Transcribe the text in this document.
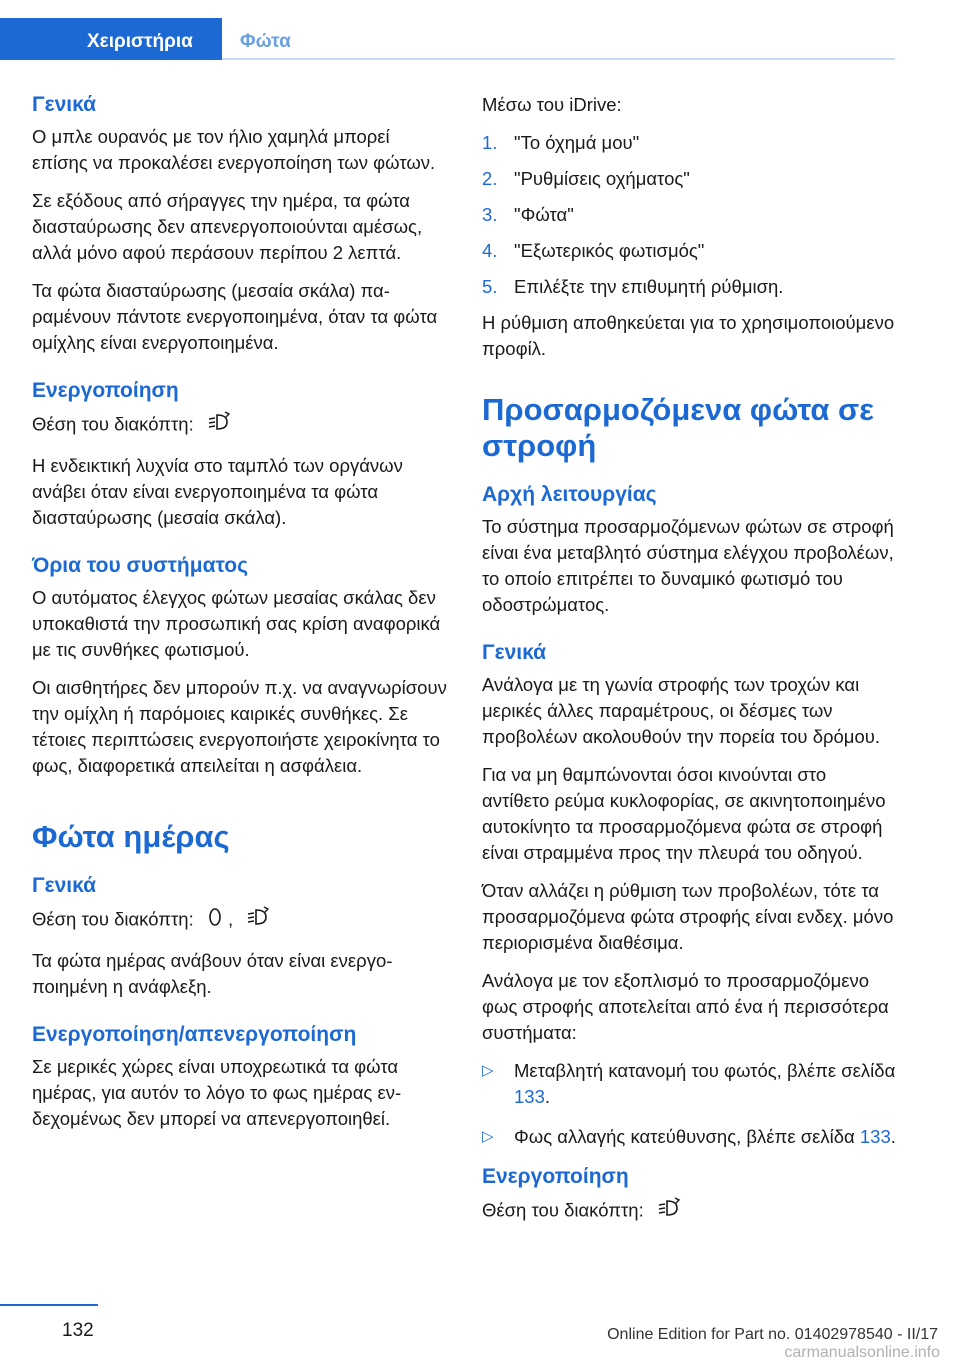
Χειριστήρια	Φώτα
Γενικά

Ο μπλε ουρανός με τον ήλιο χαμηλά μπορεί επίσης να προκαλέσει ενεργοποίηση των φώτων.

Σε εξόδους από σήραγγες την ημέρα, τα φώτα διασταύρωσης δεν απενεργοποιούνται αμέσως, αλλά μόνο αφού περάσουν περίπου 2 λεπτά.

Τα φώτα διασταύρωσης (μεσαία σκάλα) παραμένουν πάντοτε ενεργοποιημένα, όταν τα φώτα ομίχλης είναι ενεργοποιημένα.

Ενεργοποίηση

Θέση του διακόπτη:

Η ενδεικτική λυχνία στο ταμπλό των οργάνων ανάβει όταν είναι ενεργοποιημένα τα φώτα διασταύρωσης (μεσαία σκάλα).

Όρια του συστήματος

Ο αυτόματος έλεγχος φώτων μεσαίας σκάλας δεν υποκαθιστά την προσωπική σας κρίση αναφορικά με τις συνθήκες φωτισμού.

Οι αισθητήρες δεν μπορούν π.χ. να αναγνωρίσουν την ομίχλη ή παρόμοιες καιρικές συνθήκες. Σε τέτοιες περιπτώσεις ενεργοποιήστε χειροκίνητα το φως, διαφορετικά απειλείται η ασφάλεια.

Φώτα ημέρας
Γενικά

Θέση του διακόπτη: ,

Τα φώτα ημέρας ανάβουν όταν είναι ενεργοποιημένη η ανάφλεξη.

Ενεργοποίηση/απενεργοποίηση

Σε μερικές χώρες είναι υποχρεωτικά τα φώτα ημέρας, για αυτόν το λόγο το φως ημέρας ενδεχομένως δεν μπορεί να απενεργοποιηθεί.

Μέσω του iDrive:

1. "Το όχημά μου"
2. "Ρυθμίσεις οχήματος"
3. "Φώτα"
4. "Εξωτερικός φωτισμός"
5. Επιλέξτε την επιθυμητή ρύθμιση.

Η ρύθμιση αποθηκεύεται για το χρησιμοποιούμενο προφίλ.

Προσαρμοζόμενα φώτα σε στροφή
Αρχή λειτουργίας

Το σύστημα προσαρμοζόμενων φώτων σε στροφή είναι ένα μεταβλητό σύστημα ελέγχου προβολέων, το οποίο επιτρέπει το δυναμικό φωτισμό του οδοστρώματος.

Γενικά

Ανάλογα με τη γωνία στροφής των τροχών και μερικές άλλες παραμέτρους, οι δέσμες των προβολέων ακολουθούν την πορεία του δρόμου.

Για να μη θαμπώνονται όσοι κινούνται στο αντίθετο ρεύμα κυκλοφορίας, σε ακινητοποιημένο αυτοκίνητο τα προσαρμοζόμενα φώτα σε στροφή είναι στραμμένα προς την πλευρά του οδηγού.

Όταν αλλάζει η ρύθμιση των προβολέων, τότε τα προσαρμοζόμενα φώτα στροφής είναι ενδεχ. μόνο περιορισμένα διαθέσιμα.

Ανάλογα με τον εξοπλισμό το προσαρμοζόμενο φως στροφής αποτελείται από ένα ή περισσότερα συστήματα:

▷ Μεταβλητή κατανομή του φωτός, βλέπε σελίδα 133.
▷ Φως αλλαγής κατεύθυνσης, βλέπε σελίδα 133.
Ενεργοποίηση

Θέση του διακόπτη:

132	Online Edition for Part no. 01402978540 - II/17
carmanualsonline.info
